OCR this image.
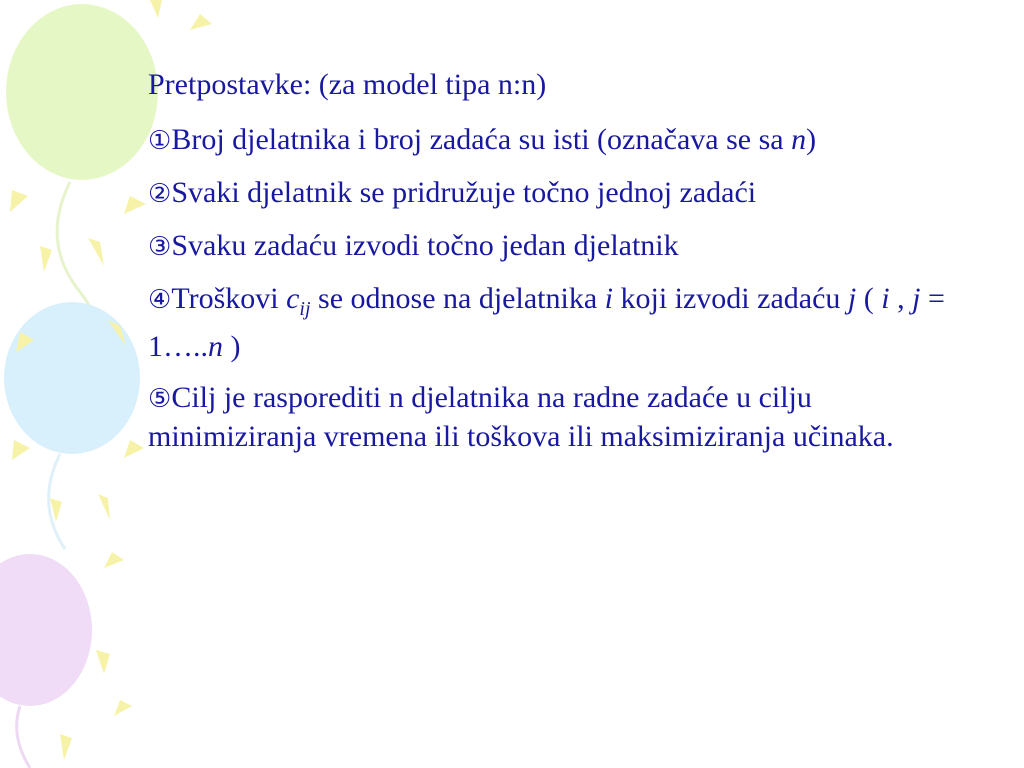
Pretpostavke: (za model tipa n:n)

①Broj djelatnika i broj zadaća su isti (označava se sa n)

②Svaki djelatnik se pridružuje točno jednoj zadaći

③Svaku zadaću izvodi točno jedan djelatnik

④Troškovi $c_{ij}$ se odnose na djelatnika i koji izvodi zadaću j ( i , j = 1…..n )

⑤Cilj je rasporediti n djelatnika na radne zadaće u cilju minimiziranja vremena ili toškova ili maksimiziranja učinaka.
